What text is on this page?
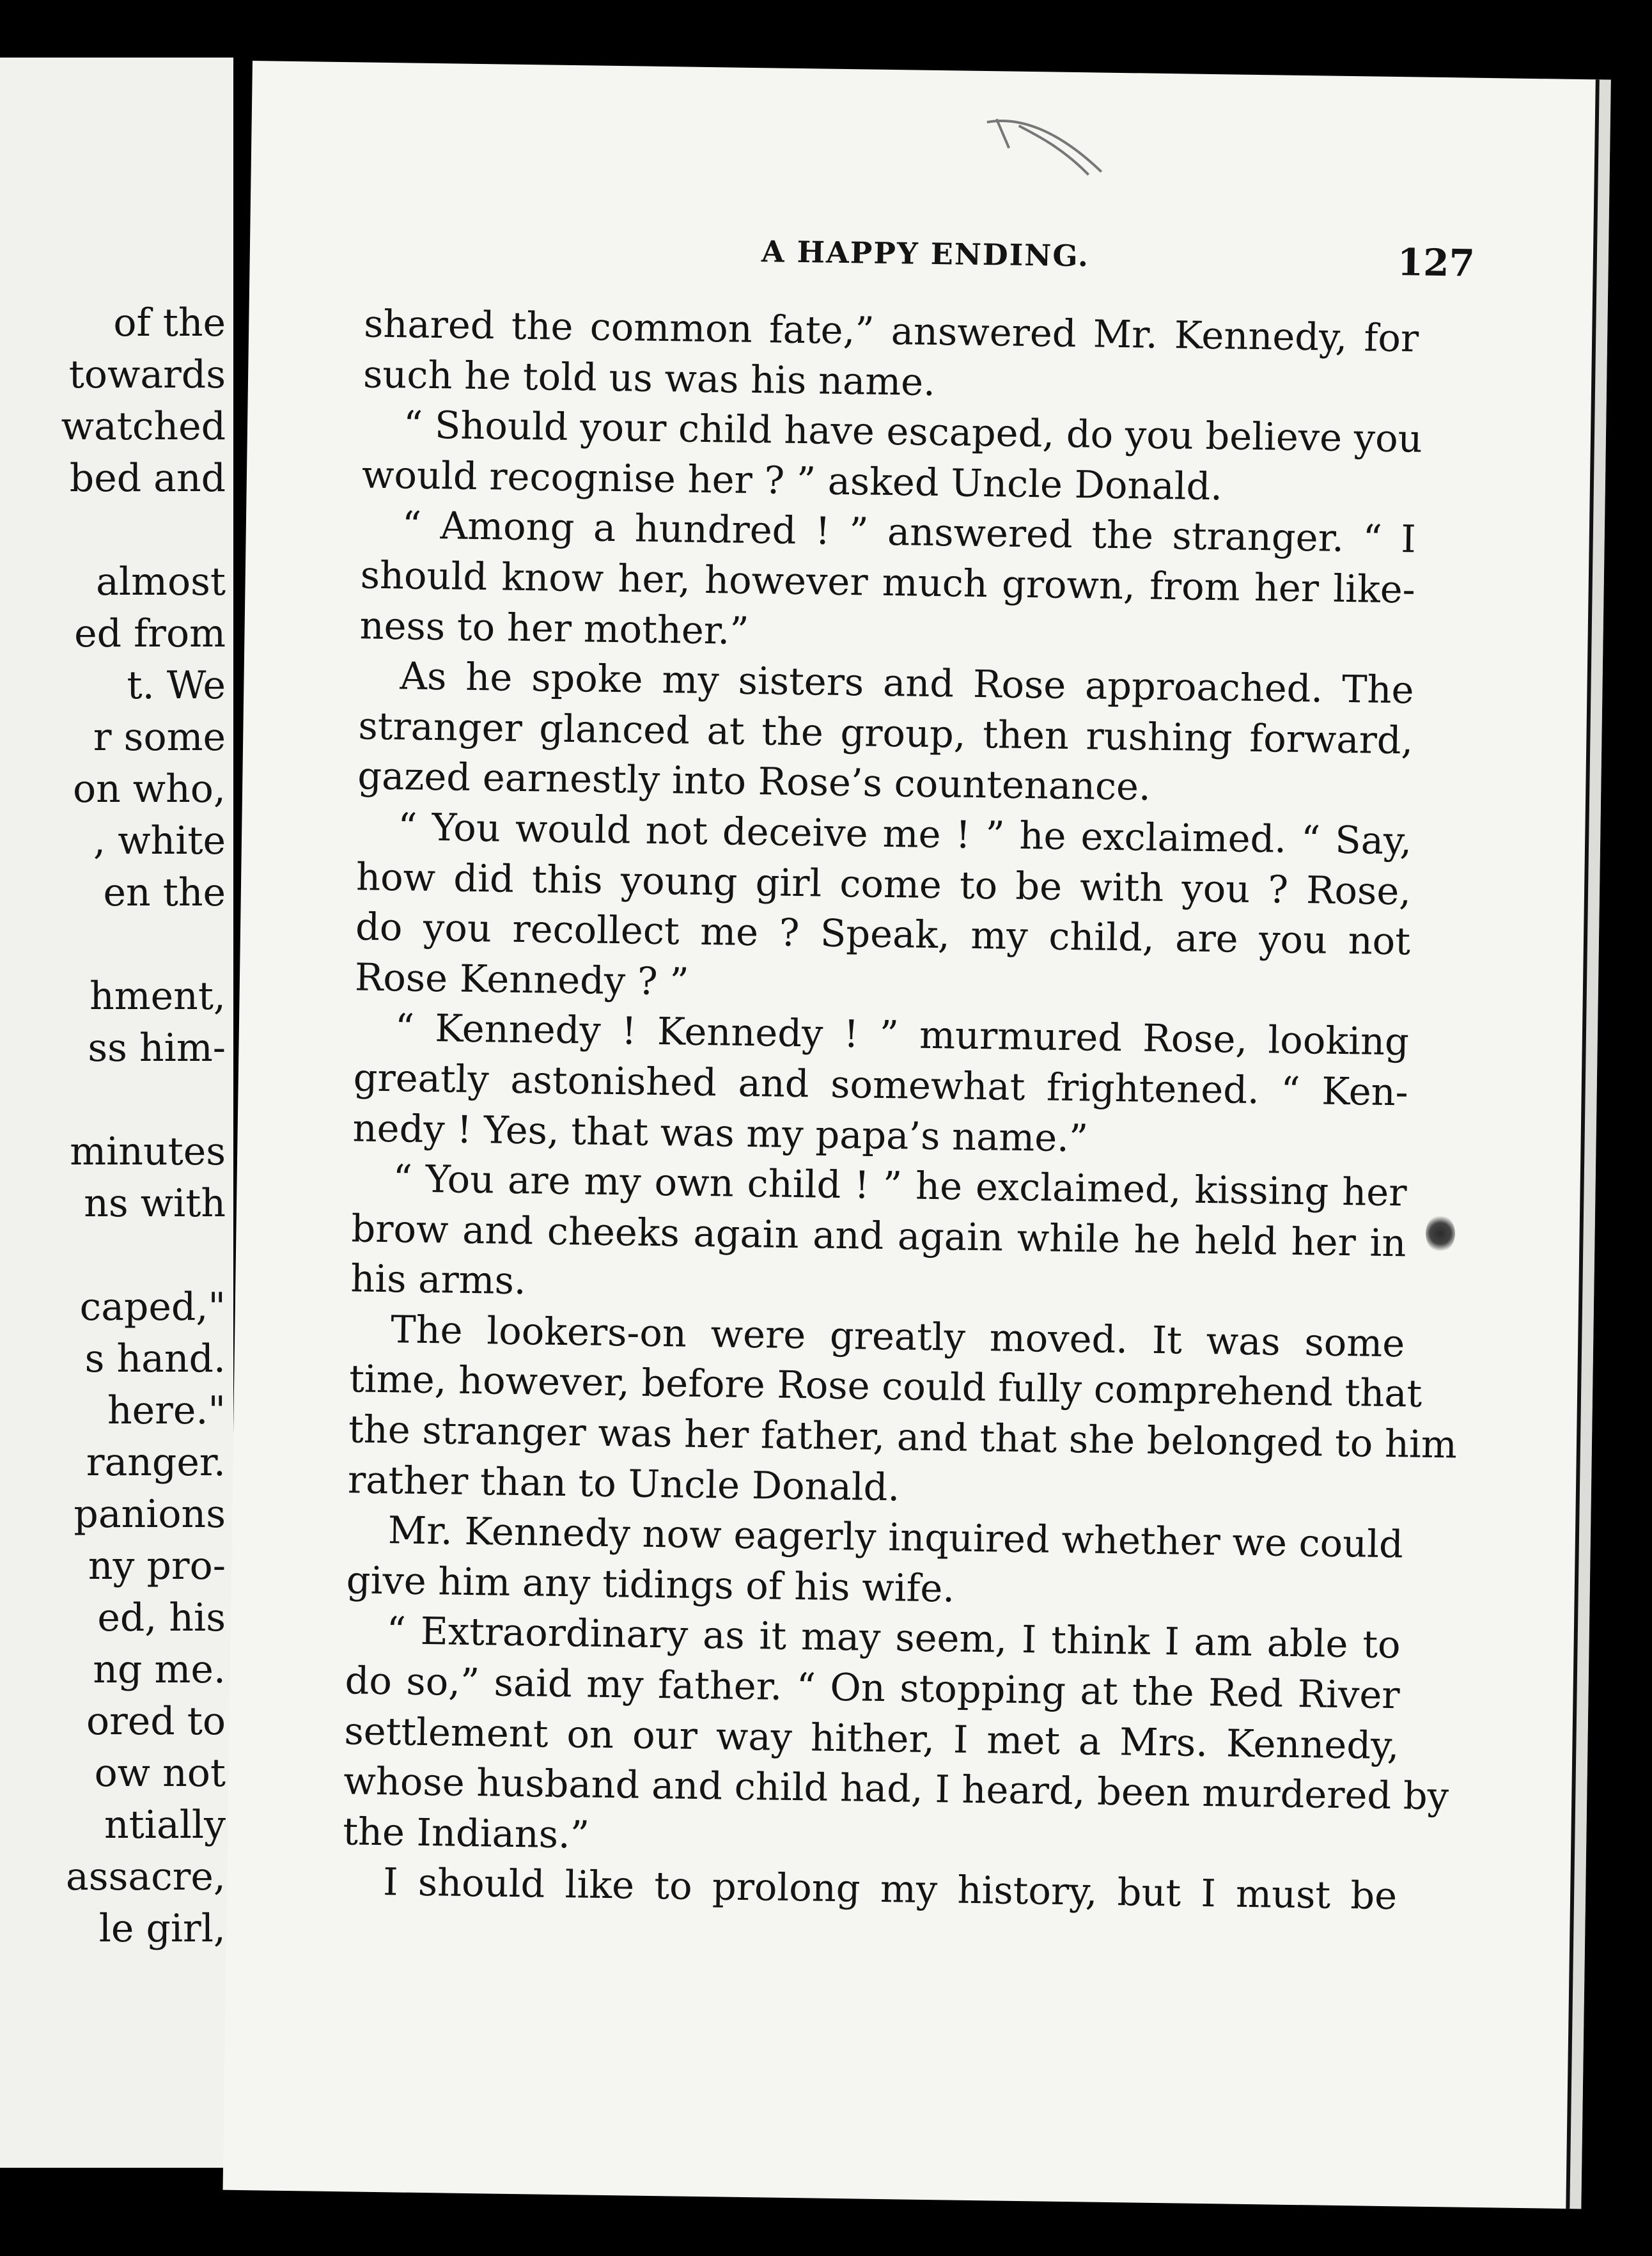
of the
towards
watched
bed and
almost
ed from
t. We
r some
on who,
, white
en the
hment,
ss him-
minutes
ns with
caped,"
s hand.
here."
ranger.
panions
ny pro-
ed, his
ng me.
ored to
ow not
ntially
assacre,
le girl,
A HAPPY ENDING.	127
shared the common fate,” answered Mr. Kennedy, for
such he told us was his name.
“ Should your child have escaped, do you believe you
would recognise her ? ” asked Uncle Donald.
“ Among a hundred ! ” answered the stranger. “ I
should know her, however much grown, from her like-
ness to her mother.”
As he spoke my sisters and Rose approached. The
stranger glanced at the group, then rushing forward,
gazed earnestly into Rose’s countenance.
“ You would not deceive me ! ” he exclaimed. “ Say,
how did this young girl come to be with you ? Rose,
do you recollect me ? Speak, my child, are you not
Rose Kennedy ? ”
“ Kennedy ! Kennedy ! ” murmured Rose, looking
greatly astonished and somewhat frightened. “ Ken-
nedy ! Yes, that was my papa’s name.”
“ You are my own child ! ” he exclaimed, kissing her
brow and cheeks again and again while he held her in
his arms.
The lookers-on were greatly moved. It was some
time, however, before Rose could fully comprehend that
the stranger was her father, and that she belonged to him
rather than to Uncle Donald.
Mr. Kennedy now eagerly inquired whether we could
give him any tidings of his wife.
“ Extraordinary as it may seem, I think I am able to
do so,” said my father. “ On stopping at the Red River
settlement on our way hither, I met a Mrs. Kennedy,
whose husband and child had, I heard, been murdered by
the Indians.”
I should like to prolong my history, but I must be
